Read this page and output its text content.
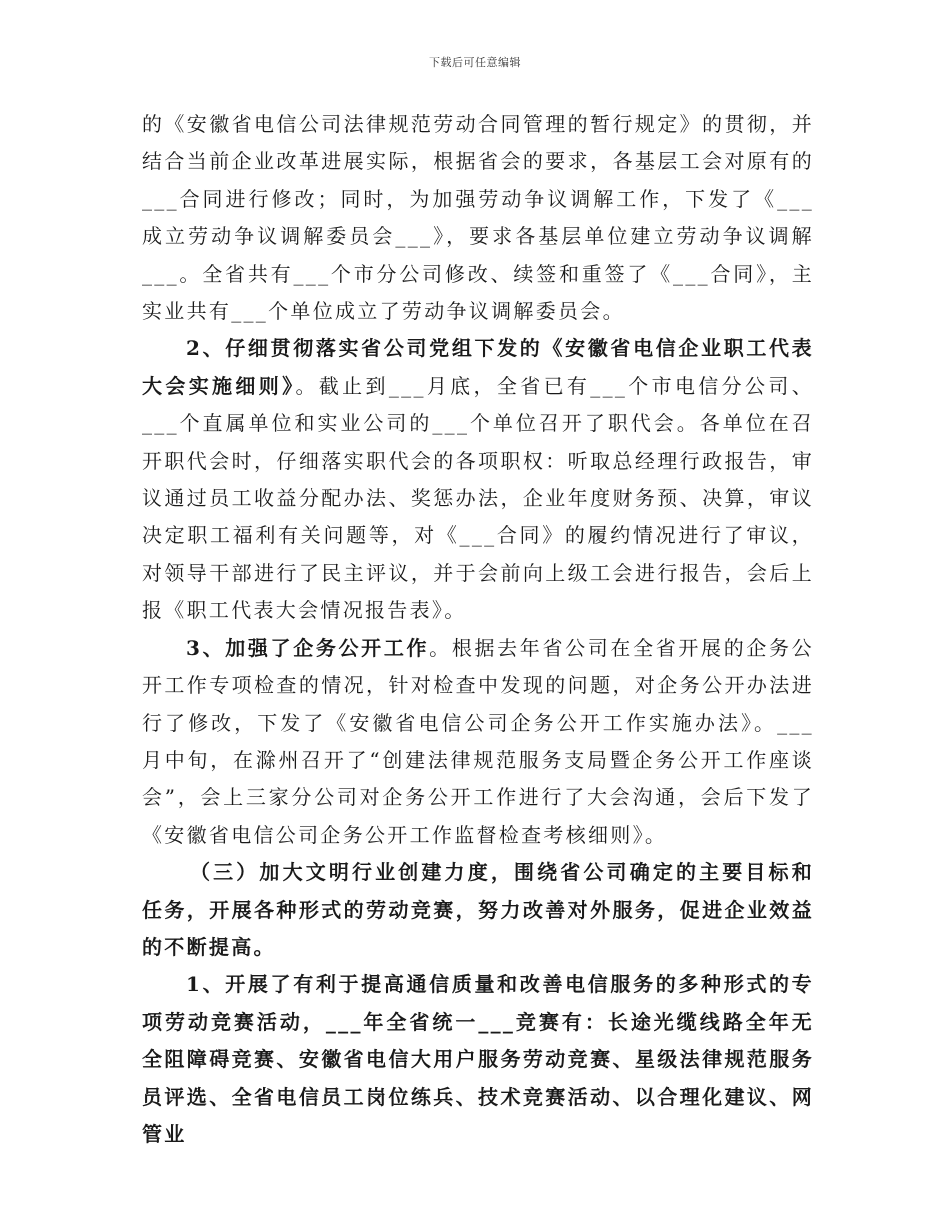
下载后可任意编辑

的《安徽省电信公司法律规范劳动合同管理的暂行规定》的贯彻，并结合当前企业改革进展实际，根据省会的要求，各基层工会对原有的___合同进行修改；同时，为加强劳动争议调解工作，下发了《___成立劳动争议调解委员会___》，要求各基层单位建立劳动争议调解___。全省共有___个市分公司修改、续签和重签了《___合同》，主实业共有___个单位成立了劳动争议调解委员会。

2、仔细贯彻落实省公司党组下发的《安徽省电信企业职工代表大会实施细则》。截止到___月底，全省已有___个市电信分公司、___个直属单位和实业公司的___个单位召开了职代会。各单位在召开职代会时，仔细落实职代会的各项职权：听取总经理行政报告，审议通过员工收益分配办法、奖惩办法，企业年度财务预、决算，审议决定职工福利有关问题等，对《___合同》的履约情况进行了审议，对领导干部进行了民主评议，并于会前向上级工会进行报告，会后上报《职工代表大会情况报告表》。

3、加强了企务公开工作。根据去年省公司在全省开展的企务公开工作专项检查的情况，针对检查中发现的问题，对企务公开办法进行了修改，下发了《安徽省电信公司企务公开工作实施办法》。___月中旬，在滁州召开了“创建法律规范服务支局暨企务公开工作座谈会”，会上三家分公司对企务公开工作进行了大会沟通，会后下发了《安徽省电信公司企务公开工作监督检查考核细则》。

（三）加大文明行业创建力度，围绕省公司确定的主要目标和任务，开展各种形式的劳动竞赛，努力改善对外服务，促进企业效益的不断提高。

1、开展了有利于提高通信质量和改善电信服务的多种形式的专项劳动竞赛活动，___年全省统一___竞赛有：长途光缆线路全年无全阻障碍竞赛、安徽省电信大用户服务劳动竞赛、星级法律规范服务员评选、全省电信员工岗位练兵、技术竞赛活动、以合理化建议、网管业
